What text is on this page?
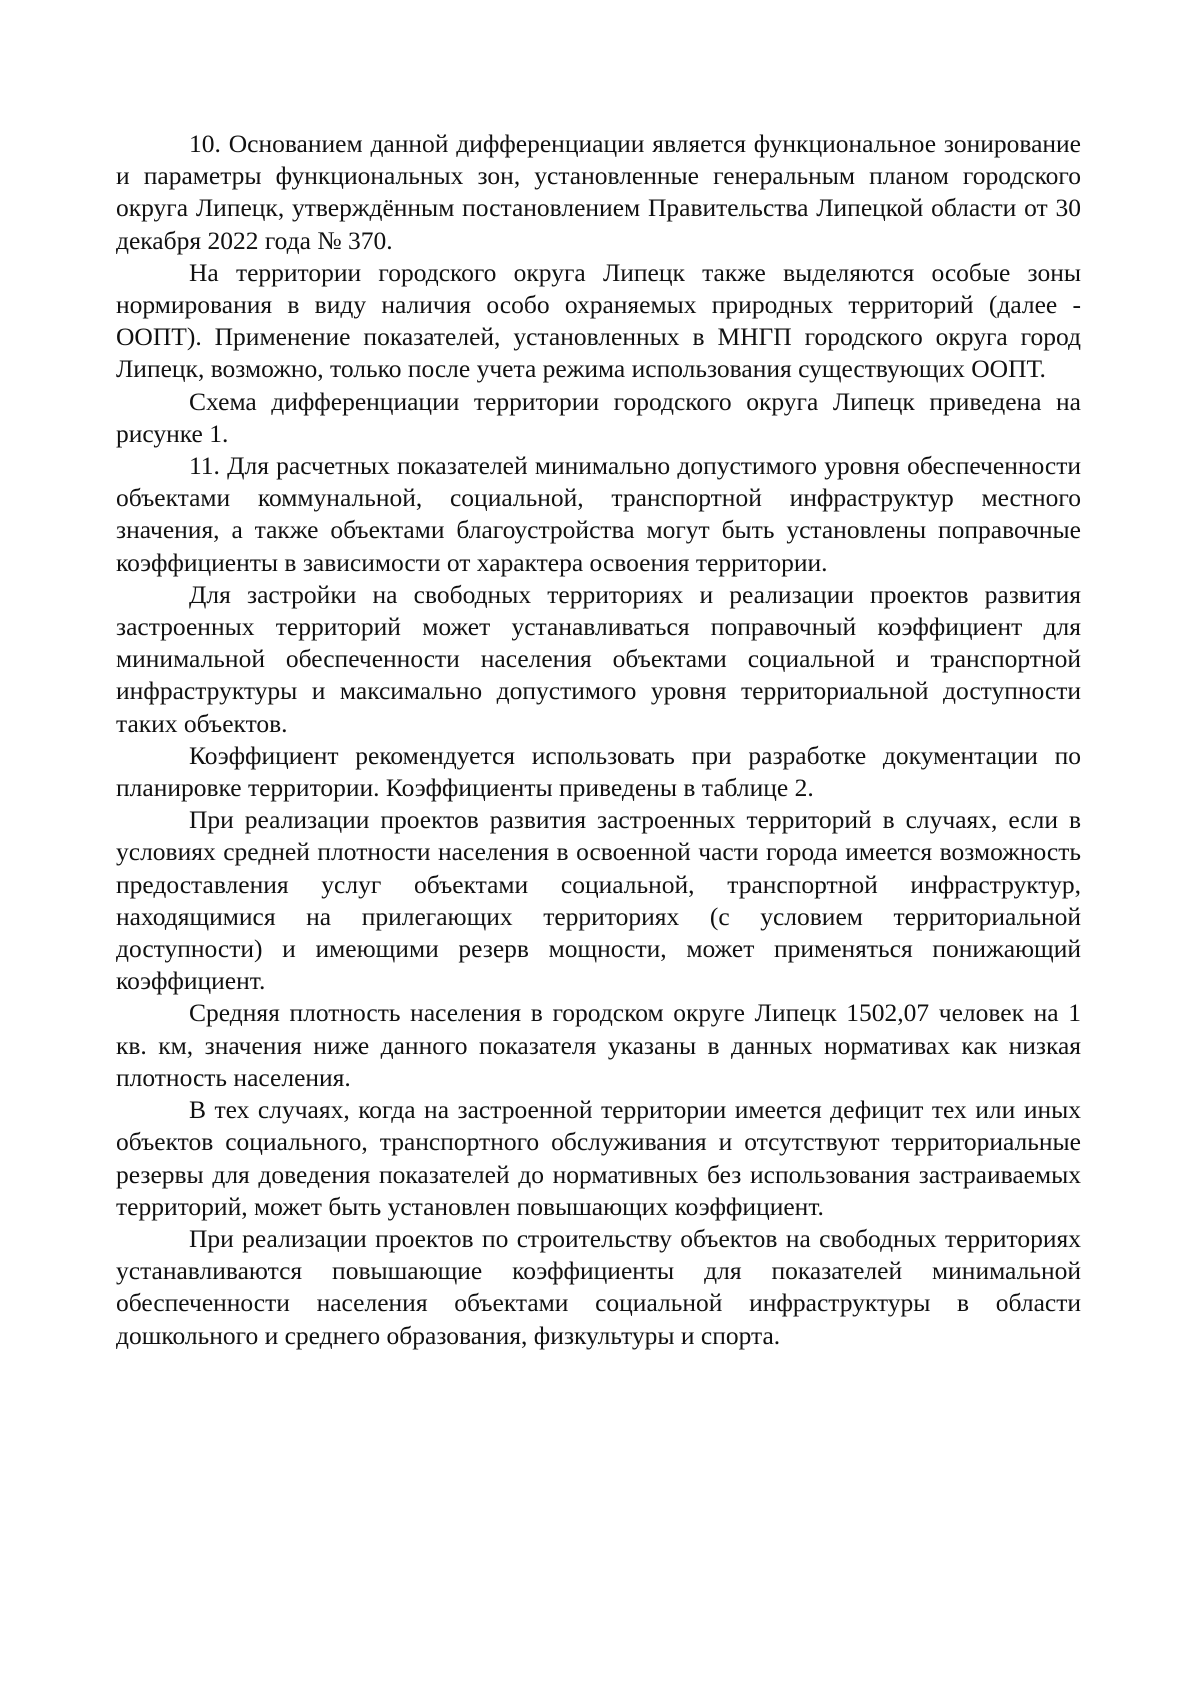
10. Основанием данной дифференциации является функциональное зонирование и параметры функциональных зон, установленные генеральным планом городского округа Липецк, утверждённым постановлением Правительства Липецкой области от 30 декабря 2022 года № 370.

На территории городского округа Липецк также выделяются особые зоны нормирования в виду наличия особо охраняемых природных территорий (далее - ООПТ). Применение показателей, установленных в МНГП городского округа город Липецк, возможно, только после учета режима использования существующих ООПТ.

Схема дифференциации территории городского округа Липецк приведена на рисунке 1.

11. Для расчетных показателей минимально допустимого уровня обеспеченности объектами коммунальной, социальной, транспортной инфраструктур местного значения, а также объектами благоустройства могут быть установлены поправочные коэффициенты в зависимости от характера освоения территории.

Для застройки на свободных территориях и реализации проектов развития застроенных территорий может устанавливаться поправочный коэффициент для минимальной обеспеченности населения объектами социальной и транспортной инфраструктуры и максимально допустимого уровня территориальной доступности таких объектов.

Коэффициент рекомендуется использовать при разработке документации по планировке территории. Коэффициенты приведены в таблице 2.

При реализации проектов развития застроенных территорий в случаях, если в условиях средней плотности населения в освоенной части города имеется возможность предоставления услуг объектами социальной, транспортной инфраструктур, находящимися на прилегающих территориях (с условием территориальной доступности) и имеющими резерв мощности, может применяться понижающий коэффициент.

Средняя плотность населения в городском округе Липецк 1502,07 человек на 1 кв. км, значения ниже данного показателя указаны в данных нормативах как низкая плотность населения.

В тех случаях, когда на застроенной территории имеется дефицит тех или иных объектов социального, транспортного обслуживания и отсутствуют территориальные резервы для доведения показателей до нормативных без использования застраиваемых территорий, может быть установлен повышающих коэффициент.

При реализации проектов по строительству объектов на свободных территориях устанавливаются повышающие коэффициенты для показателей минимальной обеспеченности населения объектами социальной инфраструктуры в области дошкольного и среднего образования, физкультуры и спорта.
